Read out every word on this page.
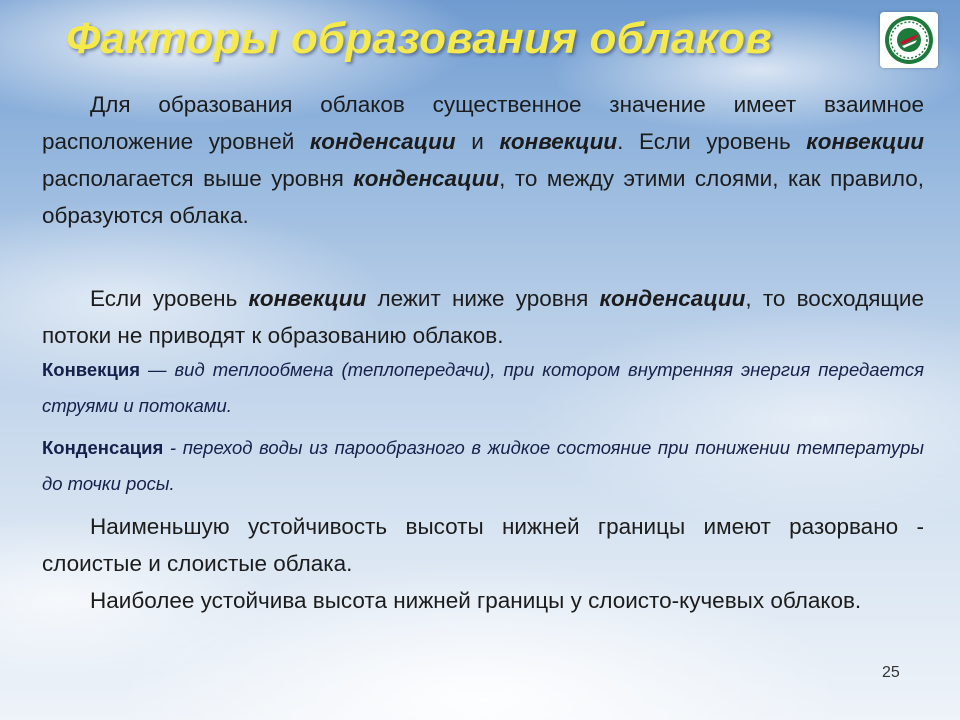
Факторы образования облаков

Для образования облаков существенное значение имеет взаимное расположение уровней конденсации и конвекции. Если уровень конвекции располагается выше уровня конденсации, то между этими слоями, как правило, образуются облака.

Если уровень конвекции лежит ниже уровня конденсации, то восходящие потоки не приводят к образованию облаков.

Конвекция — вид теплообмена (теплопередачи), при котором внутренняя энергия передается струями и потоками.

Конденсация - переход воды из парообразного в жидкое состояние при понижении температуры до точки росы.

Наименьшую устойчивость высоты нижней границы имеют разорвано - слоистые и слоистые облака.

Наиболее устойчива высота нижней границы у слоисто-кучевых облаков.

25
